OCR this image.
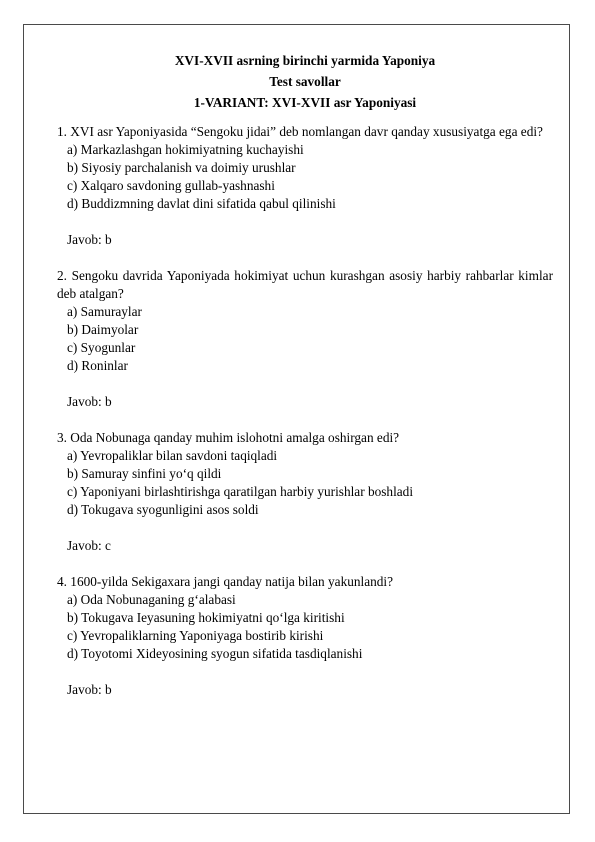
XVI-XVII asrning birinchi yarmida Yaponiya

Test savollar

1-VARIANT: XVI-XVII asr Yaponiyasi

1. XVI asr Yaponiyasida “Sengoku jidai” deb nomlangan davr qanday xususiyatga ega edi?

a) Markazlashgan hokimiyatning kuchayishi

b) Siyosiy parchalanish va doimiy urushlar

c) Xalqaro savdoning gullab-yashnashi

d) Buddizmning davlat dini sifatida qabul qilinishi

Javob: b

2. Sengoku davrida Yaponiyada hokimiyat uchun kurashgan asosiy harbiy rahbarlar kimlar deb atalgan?

a) Samuraylar

b) Daimyolar

c) Syogunlar

d) Roninlar

Javob: b

3. Oda Nobunaga qanday muhim islohotni amalga oshirgan edi?

a) Yevropaliklar bilan savdoni taqiqladi

b) Samuray sinfini yo‘q qildi

c) Yaponiyani birlashtirishga qaratilgan harbiy yurishlar boshladi

d) Tokugava syogunligini asos soldi

Javob: c

4. 1600-yilda Sekigaxara jangi qanday natija bilan yakunlandi?

a) Oda Nobunaganing g‘alabasi

b) Tokugava Ieyasuning hokimiyatni qo‘lga kiritishi

c) Yevropaliklarning Yaponiyaga bostirib kirishi

d) Toyotomi Xideyosining syogun sifatida tasdiqlanishi

Javob: b
